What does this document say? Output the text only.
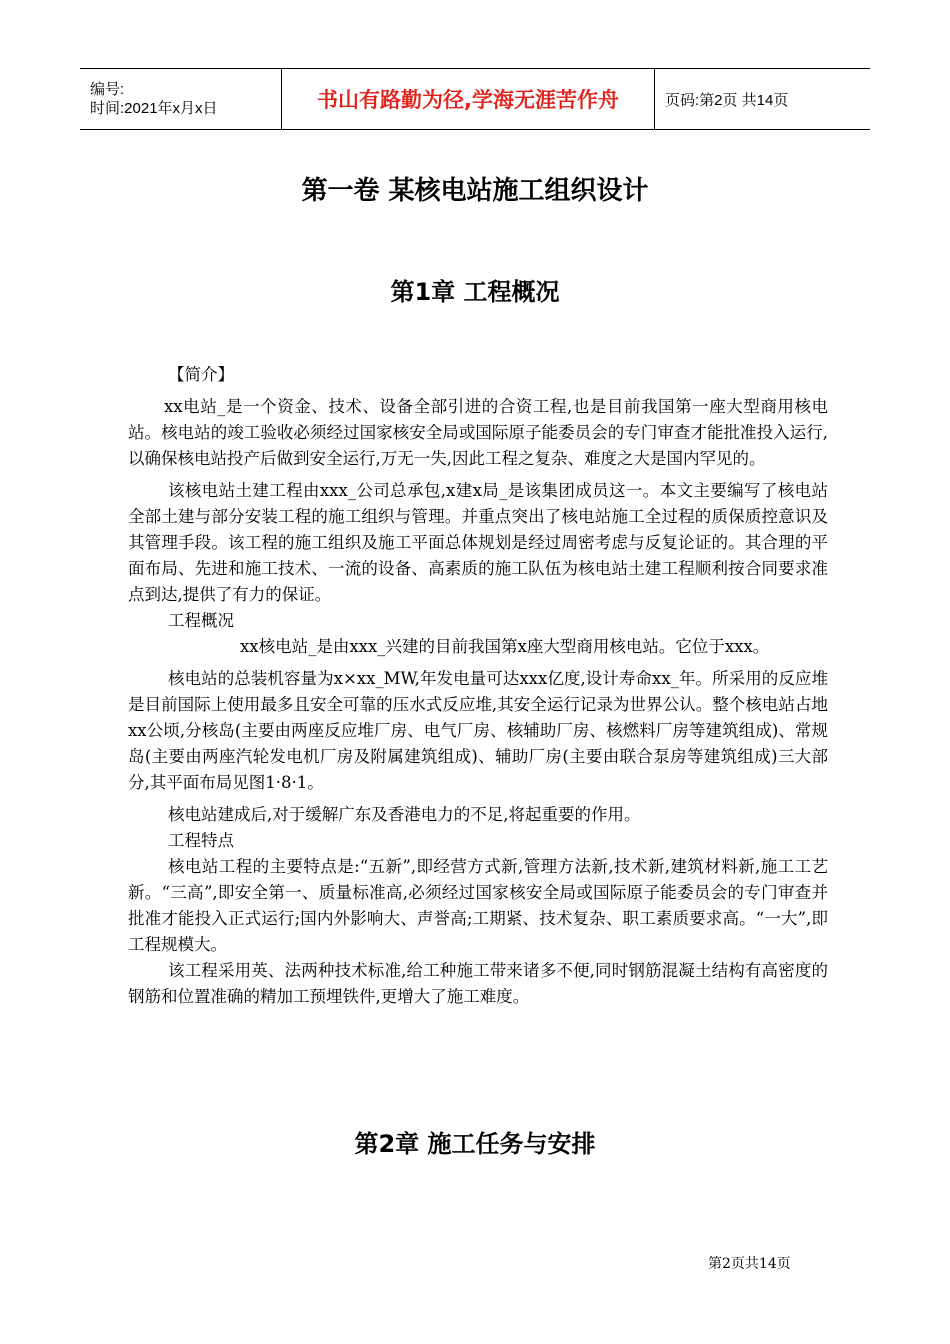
编号:
时间:2021年x月x日	书山有路勤为径,学海无涯苦作舟	页码:第2页 共14页
第一卷 某核电站施工组织设计
第1章 工程概况

【简介】

xx电站_是一个资金、技术、设备全部引进的合资工程,也是目前我国第一座大型商用核电站。核电站的竣工验收必须经过国家核安全局或国际原子能委员会的专门审查才能批准投入运行,以确保核电站投产后做到安全运行,万无一失,因此工程之复杂、难度之大是国内罕见的。

该核电站土建工程由xxx_公司总承包,x建x局_是该集团成员这一。本文主要编写了核电站全部土建与部分安装工程的施工组织与管理。并重点突出了核电站施工全过程的质保质控意识及其管理手段。该工程的施工组织及施工平面总体规划是经过周密考虑与反复论证的。其合理的平面布局、先进和施工技术、一流的设备、高素质的施工队伍为核电站土建工程顺利按合同要求准点到达,提供了有力的保证。

工程概况

xx核电站_是由xxx_兴建的目前我国第x座大型商用核电站。它位于xxx。

核电站的总装机容量为x×xx_MW,年发电量可达xxx亿度,设计寿命xx_年。所采用的反应堆是目前国际上使用最多且安全可靠的压水式反应堆,其安全运行记录为世界公认。整个核电站占地xx公顷,分核岛(主要由两座反应堆厂房、电气厂房、核辅助厂房、核燃料厂房等建筑组成)、常规岛(主要由两座汽轮发电机厂房及附属建筑组成)、辅助厂房(主要由联合泵房等建筑组成)三大部分,其平面布局见图1·8·1。

核电站建成后,对于缓解广东及香港电力的不足,将起重要的作用。

工程特点

核电站工程的主要特点是:“五新”,即经营方式新,管理方法新,技术新,建筑材料新,施工工艺新。“三高”,即安全第一、质量标准高,必须经过国家核安全局或国际原子能委员会的专门审查并批准才能投入正式运行;国内外影响大、声誉高;工期紧、技术复杂、职工素质要求高。“一大”,即工程规模大。

该工程采用英、法两种技术标准,给工种施工带来诸多不便,同时钢筋混凝土结构有高密度的钢筋和位置准确的精加工预埋铁件,更增大了施工难度。

第2章 施工任务与安排
第2页共14页
